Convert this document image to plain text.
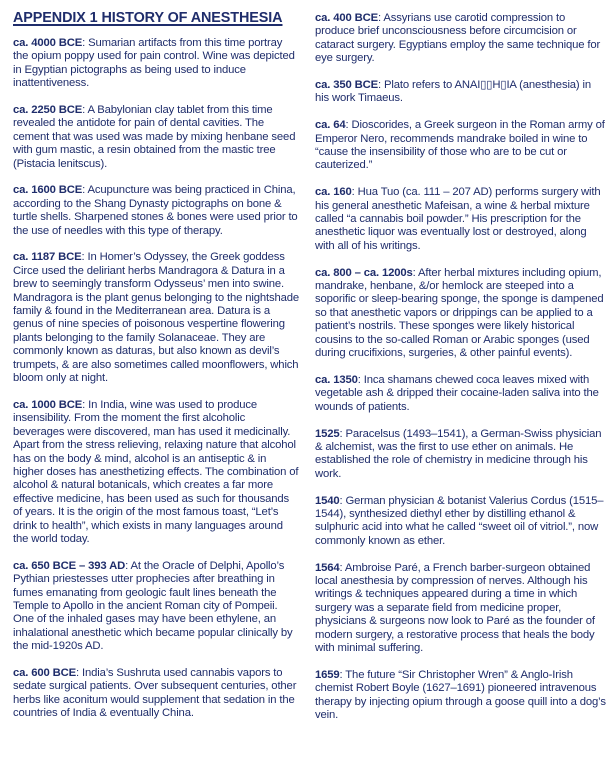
APPENDIX 1 HISTORY OF ANESTHESIA

ca. 4000 BCE: Sumarian artifacts from this time portray the opium poppy used for pain control. Wine was depicted in Egyptian pictographs as being used to induce inattentiveness.

ca. 2250 BCE: A Babylonian clay tablet from this time revealed the antidote for pain of dental cavities. The cement that was used was made by mixing henbane seed with gum mastic, a resin obtained from the mastic tree (Pistacia lenitscus).

ca. 1600 BCE: Acupuncture was being practiced in China, according to the Shang Dynasty pictographs on bone & turtle shells. Sharpened stones & bones were used prior to the use of needles with this type of therapy.

ca. 1187 BCE: In Homer’s Odyssey, the Greek goddess Circe used the deliriant herbs Mandragora & Datura in a brew to seemingly transform Odysseus’ men into swine. Mandragora is the plant genus belonging to the nightshade family & found in the Mediterranean area. Datura is a genus of nine species of poisonous vespertine flowering plants belonging to the family Solanaceae. They are commonly known as daturas, but also known as devil’s trumpets, & are also sometimes called moonflowers, which bloom only at night.

ca. 1000 BCE: In India, wine was used to produce insensibility. From the moment the first alcoholic beverages were discovered, man has used it medicinally. Apart from the stress relieving, relaxing nature that alcohol has on the body & mind, alcohol is an antiseptic & in higher doses has anesthetizing effects. The combination of alcohol & natural botanicals, which creates a far more effective medicine, has been used as such for thousands of years. It is the origin of the most famous toast, “Let’s drink to health”, which exists in many languages around the world today.

ca. 650 BCE – 393 AD: At the Oracle of Delphi, Apollo’s Pythian priestesses utter prophecies after breathing in fumes emanating from geologic fault lines beneath the Temple to Apollo in the ancient Roman city of Pompeii. One of the inhaled gases may have been ethylene, an inhalational anesthetic which became popular clinically by the mid-1920s AD.

ca. 600 BCE: India’s Sushruta used cannabis vapors to sedate surgical patients. Over subsequent centuries, other herbs like aconitum would supplement that sedation in the countries of India & eventually China.

ca. 400 BCE: Assyrians use carotid compression to produce brief unconsciousness before circumcision or cataract surgery. Egyptians employ the same technique for eye surgery.

ca. 350 BCE: Plato refers to ANAI▯▯H▯IA (anesthesia) in his work Timaeus.

ca. 64: Dioscorides, a Greek surgeon in the Roman army of Emperor Nero, recommends mandrake boiled in wine to “cause the insensibility of those who are to be cut or cauterized.”

ca. 160: Hua Tuo (ca. 111 – 207 AD) performs surgery with his general anesthetic Mafeisan, a wine & herbal mixture called “a cannabis boil powder.” His prescription for the anesthetic liquor was eventually lost or destroyed, along with all of his writings.

ca. 800 – ca. 1200s: After herbal mixtures including opium, mandrake, henbane, &/or hemlock are steeped into a soporific or sleep-bearing sponge, the sponge is dampened so that anesthetic vapors or drippings can be applied to a patient’s nostrils. These sponges were likely historical cousins to the so-called Roman or Arabic sponges (used during crucifixions, surgeries, & other painful events).

ca. 1350: Inca shamans chewed coca leaves mixed with vegetable ash & dripped their cocaine-laden saliva into the wounds of patients.

1525: Paracelsus (1493–1541), a German-Swiss physician & alchemist, was the first to use ether on animals. He established the role of chemistry in medicine through his work.

1540: German physician & botanist Valerius Cordus (1515–1544), synthesized diethyl ether by distilling ethanol & sulphuric acid into what he called “sweet oil of vitriol.”, now commonly known as ether.

1564: Ambroise Paré, a French barber-surgeon obtained local anesthesia by compression of nerves. Although his writings & techniques appeared during a time in which surgery was a separate field from medicine proper, physicians & surgeons now look to Paré as the founder of modern surgery, a restorative process that heals the body with minimal suffering.

1659: The future “Sir Christopher Wren” & Anglo-Irish chemist Robert Boyle (1627–1691) pioneered intravenous therapy by injecting opium through a goose quill into a dog’s vein.
